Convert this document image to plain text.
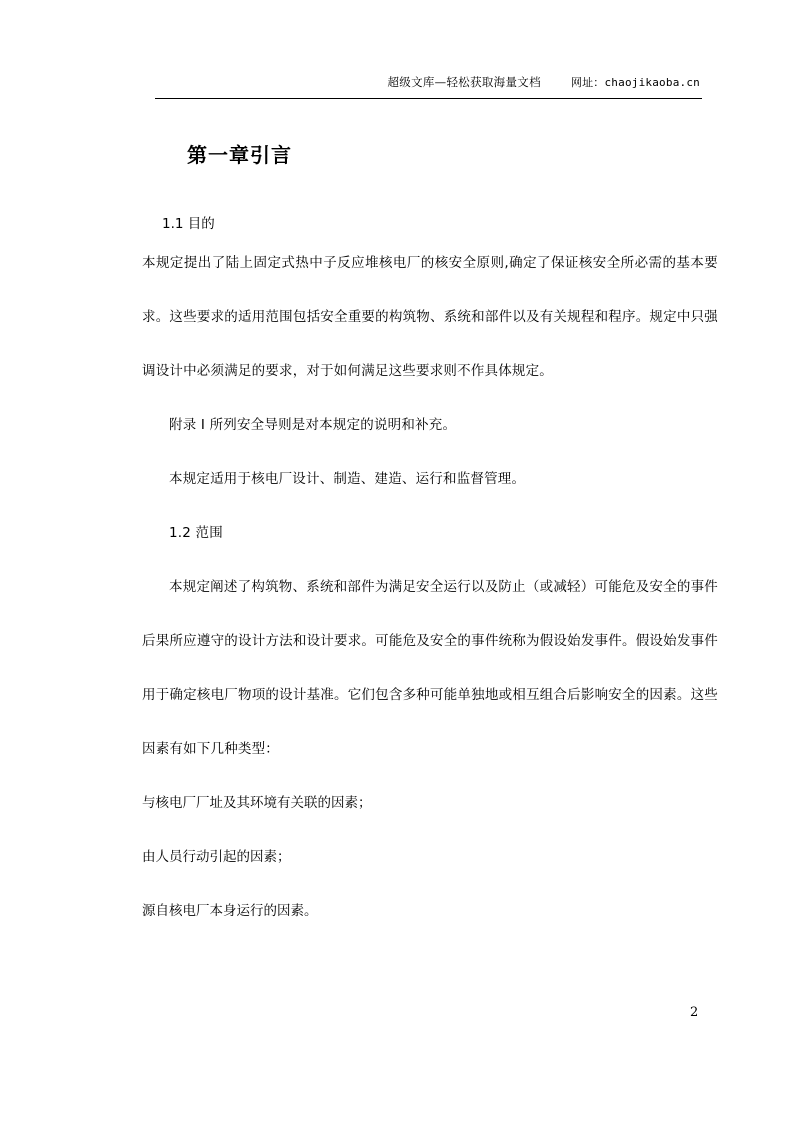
超级文库—轻松获取海量文档	网址：chaojikaoba.cn
第一章引言
1.1 目的

本规定提出了陆上固定式热中子反应堆核电厂的核安全原则,确定了保证核安全所必需的基本要求。这些要求的适用范围包括安全重要的构筑物、系统和部件以及有关规程和程序。规定中只强调设计中必须满足的要求，对于如何满足这些要求则不作具体规定。

附录 I 所列安全导则是对本规定的说明和补充。

本规定适用于核电厂设计、制造、建造、运行和监督管理。

1.2 范围

本规定阐述了构筑物、系统和部件为满足安全运行以及防止（或减轻）可能危及安全的事件后果所应遵守的设计方法和设计要求。可能危及安全的事件统称为假设始发事件。假设始发事件用于确定核电厂物项的设计基准。它们包含多种可能单独地或相互组合后影响安全的因素。这些因素有如下几种类型：

与核电厂厂址及其环境有关联的因素；

由人员行动引起的因素；

源自核电厂本身运行的因素。

2
